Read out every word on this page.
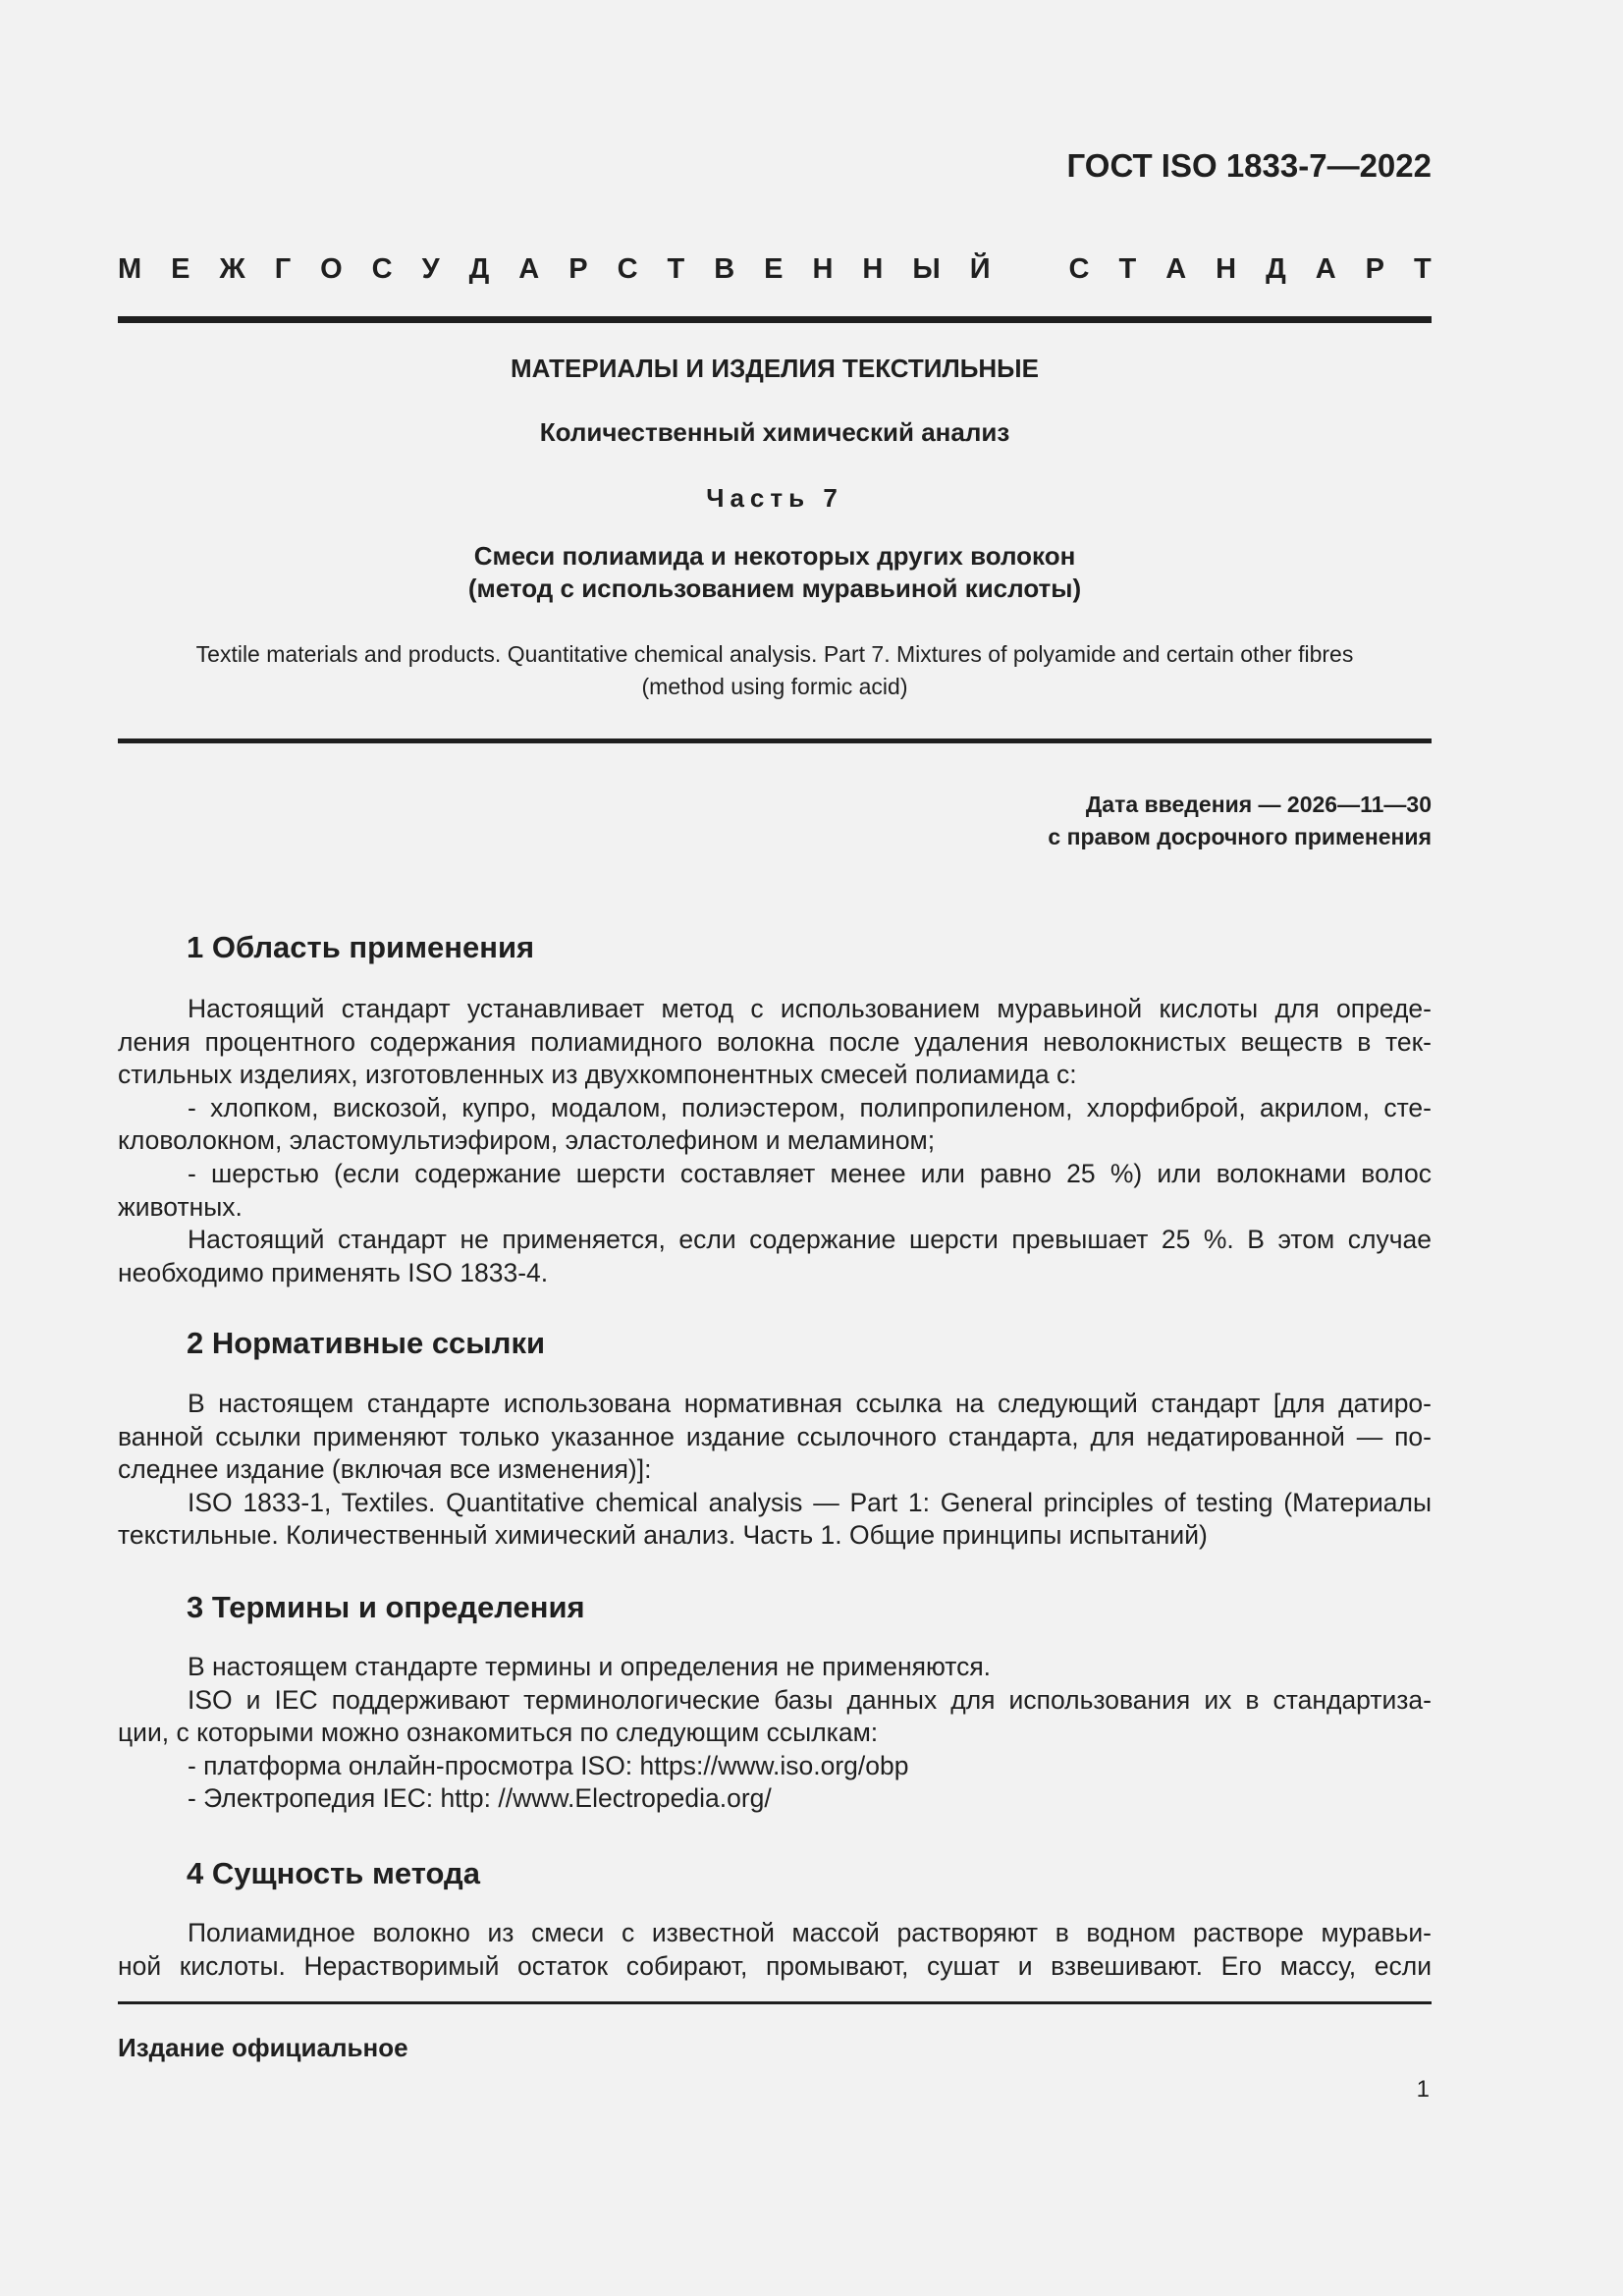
ГОСТ ISO 1833-7—2022
М Е Ж Г О С У Д А Р С Т В Е Н Н Ы Й	С Т А Н Д А Р Т
МАТЕРИАЛЫ И ИЗДЕЛИЯ ТЕКСТИЛЬНЫЕ
Количественный химический анализ
Часть 7
Смеси полиамида и некоторых других волокон
(метод с использованием муравьиной кислоты)
Textile materials and products. Quantitative chemical analysis. Part 7. Mixtures of polyamide and certain other fibres
(method using formic acid)
Дата введения — 2026—11—30
с правом досрочного применения
1 Область применения
Настоящий стандарт устанавливает метод с использованием муравьиной кислоты для опреде-
ления процентного содержания полиамидного волокна после удаления неволокнистых веществ в тек-
стильных изделиях, изготовленных из двухкомпонентных смесей полиамида с:
- хлопком, вискозой, купро, модалом, полиэстером, полипропиленом, хлорфиброй, акрилом, сте-
кловолокном, эластомультиэфиром, эластолефином и меламином;
- шерстью (если содержание шерсти составляет менее или равно 25 %) или волокнами волос
животных.
Настоящий стандарт не применяется, если содержание шерсти превышает 25 %. В этом случае
необходимо применять ISO 1833-4.
2 Нормативные ссылки
В настоящем стандарте использована нормативная ссылка на следующий стандарт [для датиро-
ванной ссылки применяют только указанное издание ссылочного стандарта, для недатированной — по-
следнее издание (включая все изменения)]:
ISO 1833-1, Textiles. Quantitative chemical analysis — Part 1: General principles of testing (Материалы
текстильные. Количественный химический анализ. Часть 1. Общие принципы испытаний)
3 Термины и определения
В настоящем стандарте термины и определения не применяются.
ISO и IEC поддерживают терминологические базы данных для использования их в стандартиза-
ции, с которыми можно ознакомиться по следующим ссылкам:
- платформа онлайн-просмотра ISO: https://www.iso.org/obp
- Электропедия IEC: http: //www.Electropedia.org/
4 Сущность метода
Полиамидное волокно из смеси с известной массой растворяют в водном растворе муравьи-
ной кислоты. Нерастворимый остаток собирают, промывают, сушат и взвешивают. Его массу, если
Издание официальное
1
